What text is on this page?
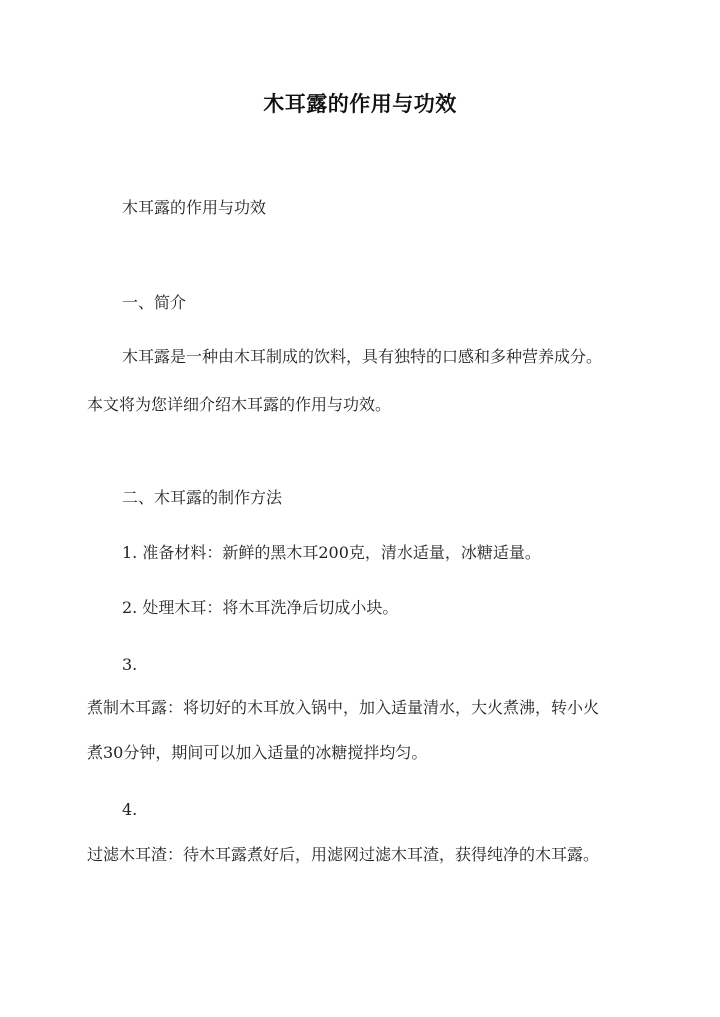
木耳露的作用与功效
木耳露的作用与功效
一、简介
木耳露是一种由木耳制成的饮料，具有独特的口感和多种营养成分。
本文将为您详细介绍木耳露的作用与功效。
二、木耳露的制作方法
1. 准备材料：新鲜的黑木耳200克，清水适量，冰糖适量。
2. 处理木耳：将木耳洗净后切成小块。
3.
煮制木耳露：将切好的木耳放入锅中，加入适量清水，大火煮沸，转小火
煮30分钟，期间可以加入适量的冰糖搅拌均匀。
4.
过滤木耳渣：待木耳露煮好后，用滤网过滤木耳渣，获得纯净的木耳露。
